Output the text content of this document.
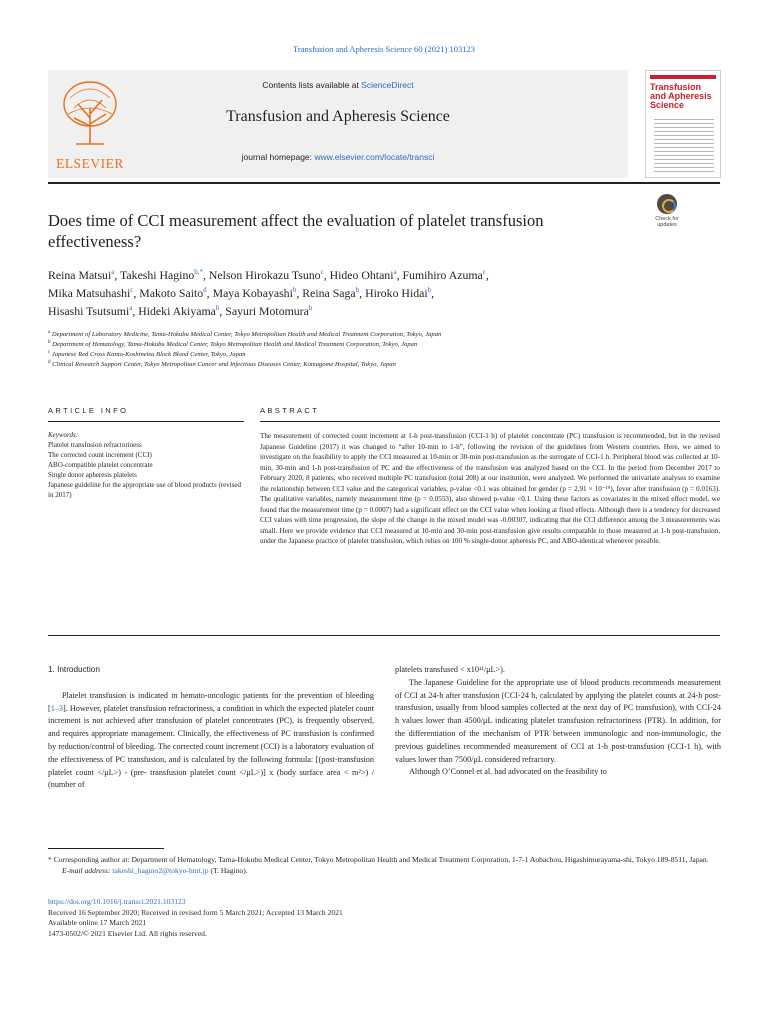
Transfusion and Apheresis Science 60 (2021) 103123
ELSEVIER
Contents lists available at ScienceDirect
Transfusion and Apheresis Science
journal homepage: www.elsevier.com/locate/transci
Transfusion and Apheresis Science
Does time of CCI measurement affect the evaluation of platelet transfusion effectiveness?
Check for updates
Reina Matsui$^a$, Takeshi Hagino$^{b,*}$, Nelson Hirokazu Tsuno$^c$, Hideo Ohtani$^a$, Fumihiro Azuma$^c$,
Mika Matsuhashi$^c$, Makoto Saito$^d$, Maya Kobayashi$^b$, Reina Saga$^b$, Hiroko Hidai$^b$,
Hisashi Tsutsumi$^a$, Hideki Akiyama$^b$, Sayuri Motomura$^b$
$^a$ Department of Laboratory Medicine, Tama-Hokubu Medical Center, Tokyo Metropolitan Health and Medical Treatment Corporation, Tokyo, Japan
$^b$ Department of Hematology, Tama-Hokubu Medical Center, Tokyo Metropolitan Health and Medical Treatment Corporation, Tokyo, Japan
$^c$ Japanese Red Cross Kanto-Koshinetsu Block Blood Center, Tokyo, Japan
$^d$ Clinical Research Support Center, Tokyo Metropolitan Cancer and Infectious Diseases Center, Komagome Hospital, Tokyo, Japan
ARTICLE INFO	ABSTRACT
Keywords:
Platelet transfusion refractoriness
The corrected count increment (CCI)
ABO-compatible platelet concentrate
Single donor apheresis platelets
Japanese guideline for the appropriate use of blood products (revised in 2017)
The measurement of corrected count increment at 1-h post-transfusion (CCI-1 h) of platelet concentrate (PC) transfusion is recommended, but in the revised Japanese Guideline (2017) it was changed to “after 10-min to 1-h”, following the revision of the guidelines from Western countries. Here, we aimed to investigate on the feasibility to apply the CCI measured at 10-min or 30-min post-transfusion as the surrogate of CCI-1 h. Peripheral blood was collected at 10-min, 30-min and 1-h post-transfusion of PC and the effectiveness of the transfusion was analyzed based on the CCI. In the period from December 2017 to February 2020, 8 patients, who received multiple PC transfusion (total 208) at our institution, were analyzed. We performed the univariate analyses to examine the relationship between CCI value and the categorical variables, p-value <0.1 was obtained for gender (p = 2.91 × 10⁻¹⁹), fever after transfusion (p = 0.0163). The qualitative variables, namely measurement time (p = 0.0553), also showed p-value <0.1. Using these factors as covariates in the mixed effect model, we found that the measurement time (p = 0.0007) had a significant effect on the CCI value when looking at fixed effects. Although there is a tendency for decreased CCI values with time progression, the slope of the change in the mixed model was -0.00307, indicating that the CCI difference among the 3 measurements was small. Here we provide evidence that CCI measured at 10-min and 30-min post-transfusion give results comparable to those measured at 1-h post-transfusion, under the Japanese practice of platelet transfusion, which relies on 100 % single-donor apheresis PC, and ABO-identical whenever possible.
1. Introduction

Platelet transfusion is indicated in hemato-oncologic patients for the prevention of bleeding [1–3]. However, platelet transfusion refractoriness, a condition in which the expected platelet count increment is not achieved after transfusion of platelet concentrates (PC), is frequently observed, and requires appropriate management. Clinically, the effectiveness of PC transfusion is confirmed by reduction/control of bleeding. The corrected count increment (CCI) is a laboratory evaluation of the effectiveness of PC transfusion, and is calculated by the following formula: [(post-transfusion platelet count </μL>) - (pre- transfusion platelet count </μL>)] x (body surface area < m²>) / (number of

platelets transfused < x10¹¹/μL>).

The Japanese Guideline for the appropriate use of blood products recommends measurement of CCI at 24-h after transfusion (CCI-24 h, calculated by applying the platelet counts at 24-h post-transfusion, usually from blood samples collected at the next day of PC transfusion), with CCI-24 h values lower than 4500/μL indicating platelet transfusion refractoriness (PTR). In addition, for the differentiation of the mechanism of PTR between immunologic and non-immunologic, the previous guidelines recommended measurement of CCI at 1-h post-transfusion (CCI-1 h), with values lower than 7500/μL considered refractory.

Although O’Connel et al. had advocated on the feasibility to

* Corresponding author at: Department of Hematology, Tama-Hokubu Medical Center, Tokyo Metropolitan Health and Medical Treatment Corporation, 1-7-1 Aobachou, Higashimurayama-shi, Tokyo 189-8511, Japan.
E-mail address: takeshi_hagino2@tokyo-hmt.jp (T. Hagino).
https://doi.org/10.1016/j.transci.2021.103123
Received 16 September 2020; Received in revised form 5 March 2021; Accepted 13 March 2021
Available online 17 March 2021
1473-0502/© 2021 Elsevier Ltd. All rights reserved.
